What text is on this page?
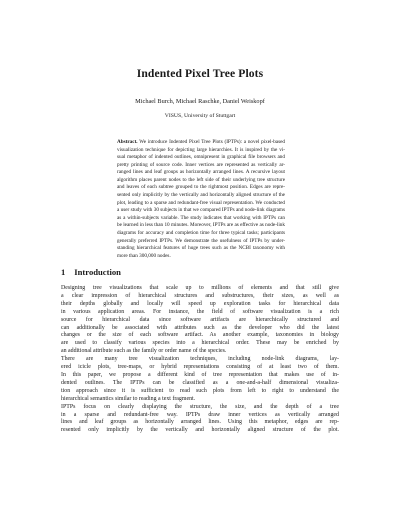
Indented Pixel Tree Plots
Michael Burch, Michael Raschke, Daniel Weiskopf
VISUS, University of Stuttgart
Abstract. We introduce Indented Pixel Tree Plots (IPTPs): a novel pixel-based
visualization technique for depicting large hierarchies. It is inspired by the vi-
sual metaphor of indented outlines, omnipresent in graphical file browsers and
pretty printing of source code. Inner vertices are represented as vertically ar-
ranged lines and leaf groups as horizontally arranged lines. A recursive layout
algorithm places parent nodes to the left side of their underlying tree structure
and leaves of each subtree grouped to the rightmost position. Edges are repre-
sented only implicitly by the vertically and horizontally aligned structure of the
plot, leading to a sparse and redundant-free visual representation. We conducted
a user study with 30 subjects in that we compared IPTPs and node-link diagrams
as a within-subjects variable. The study indicates that working with IPTPs can
be learned in less than 10 minutes. Moreover, IPTPs are as effective as node-link
diagrams for accuracy and completion time for three typical tasks; participants
generally preferred IPTPs. We demonstrate the usefulness of IPTPs by under-
standing hierarchical features of huge trees such as the NCBI taxonomy with
more than 300,000 nodes.
1 Introduction
Designing tree visualizations that scale up to millions of elements and that still give
a clear impression of hierarchical structures and substructures, their sizes, as well as
their depths globally and locally will speed up exploration tasks for hierarchical data
in various application areas. For instance, the field of software visualization is a rich
source for hierarchical data since software artifacts are hierarchically structured and
can additionally be associated with attributes such as the developer who did the latest
changes or the size of each software artifact. As another example, taxonomies in biology
are used to classify various species into a hierarchical order. These may be enriched by
an additional attribute such as the family or order name of the species.
There are many tree visualization techniques, including node-link diagrams, lay-
ered icicle plots, tree-maps, or hybrid representations consisting of at least two of them.
In this paper, we propose a different kind of tree representation that makes use of in-
dented outlines. The IPTPs can be classified as a one-and-a-half dimensional visualiza-
tion approach since it is sufficient to read such plots from left to right to understand the
hierarchical semantics similar to reading a text fragment.
IPTPs focus on clearly displaying the structure, the size, and the depth of a tree
in a sparse and redundant-free way. IPTPs draw inner vertices as vertically arranged
lines and leaf groups as horizontally arranged lines. Using this metaphor, edges are rep-
resented only implicitly by the vertically and horizontally aligned structure of the plot.
